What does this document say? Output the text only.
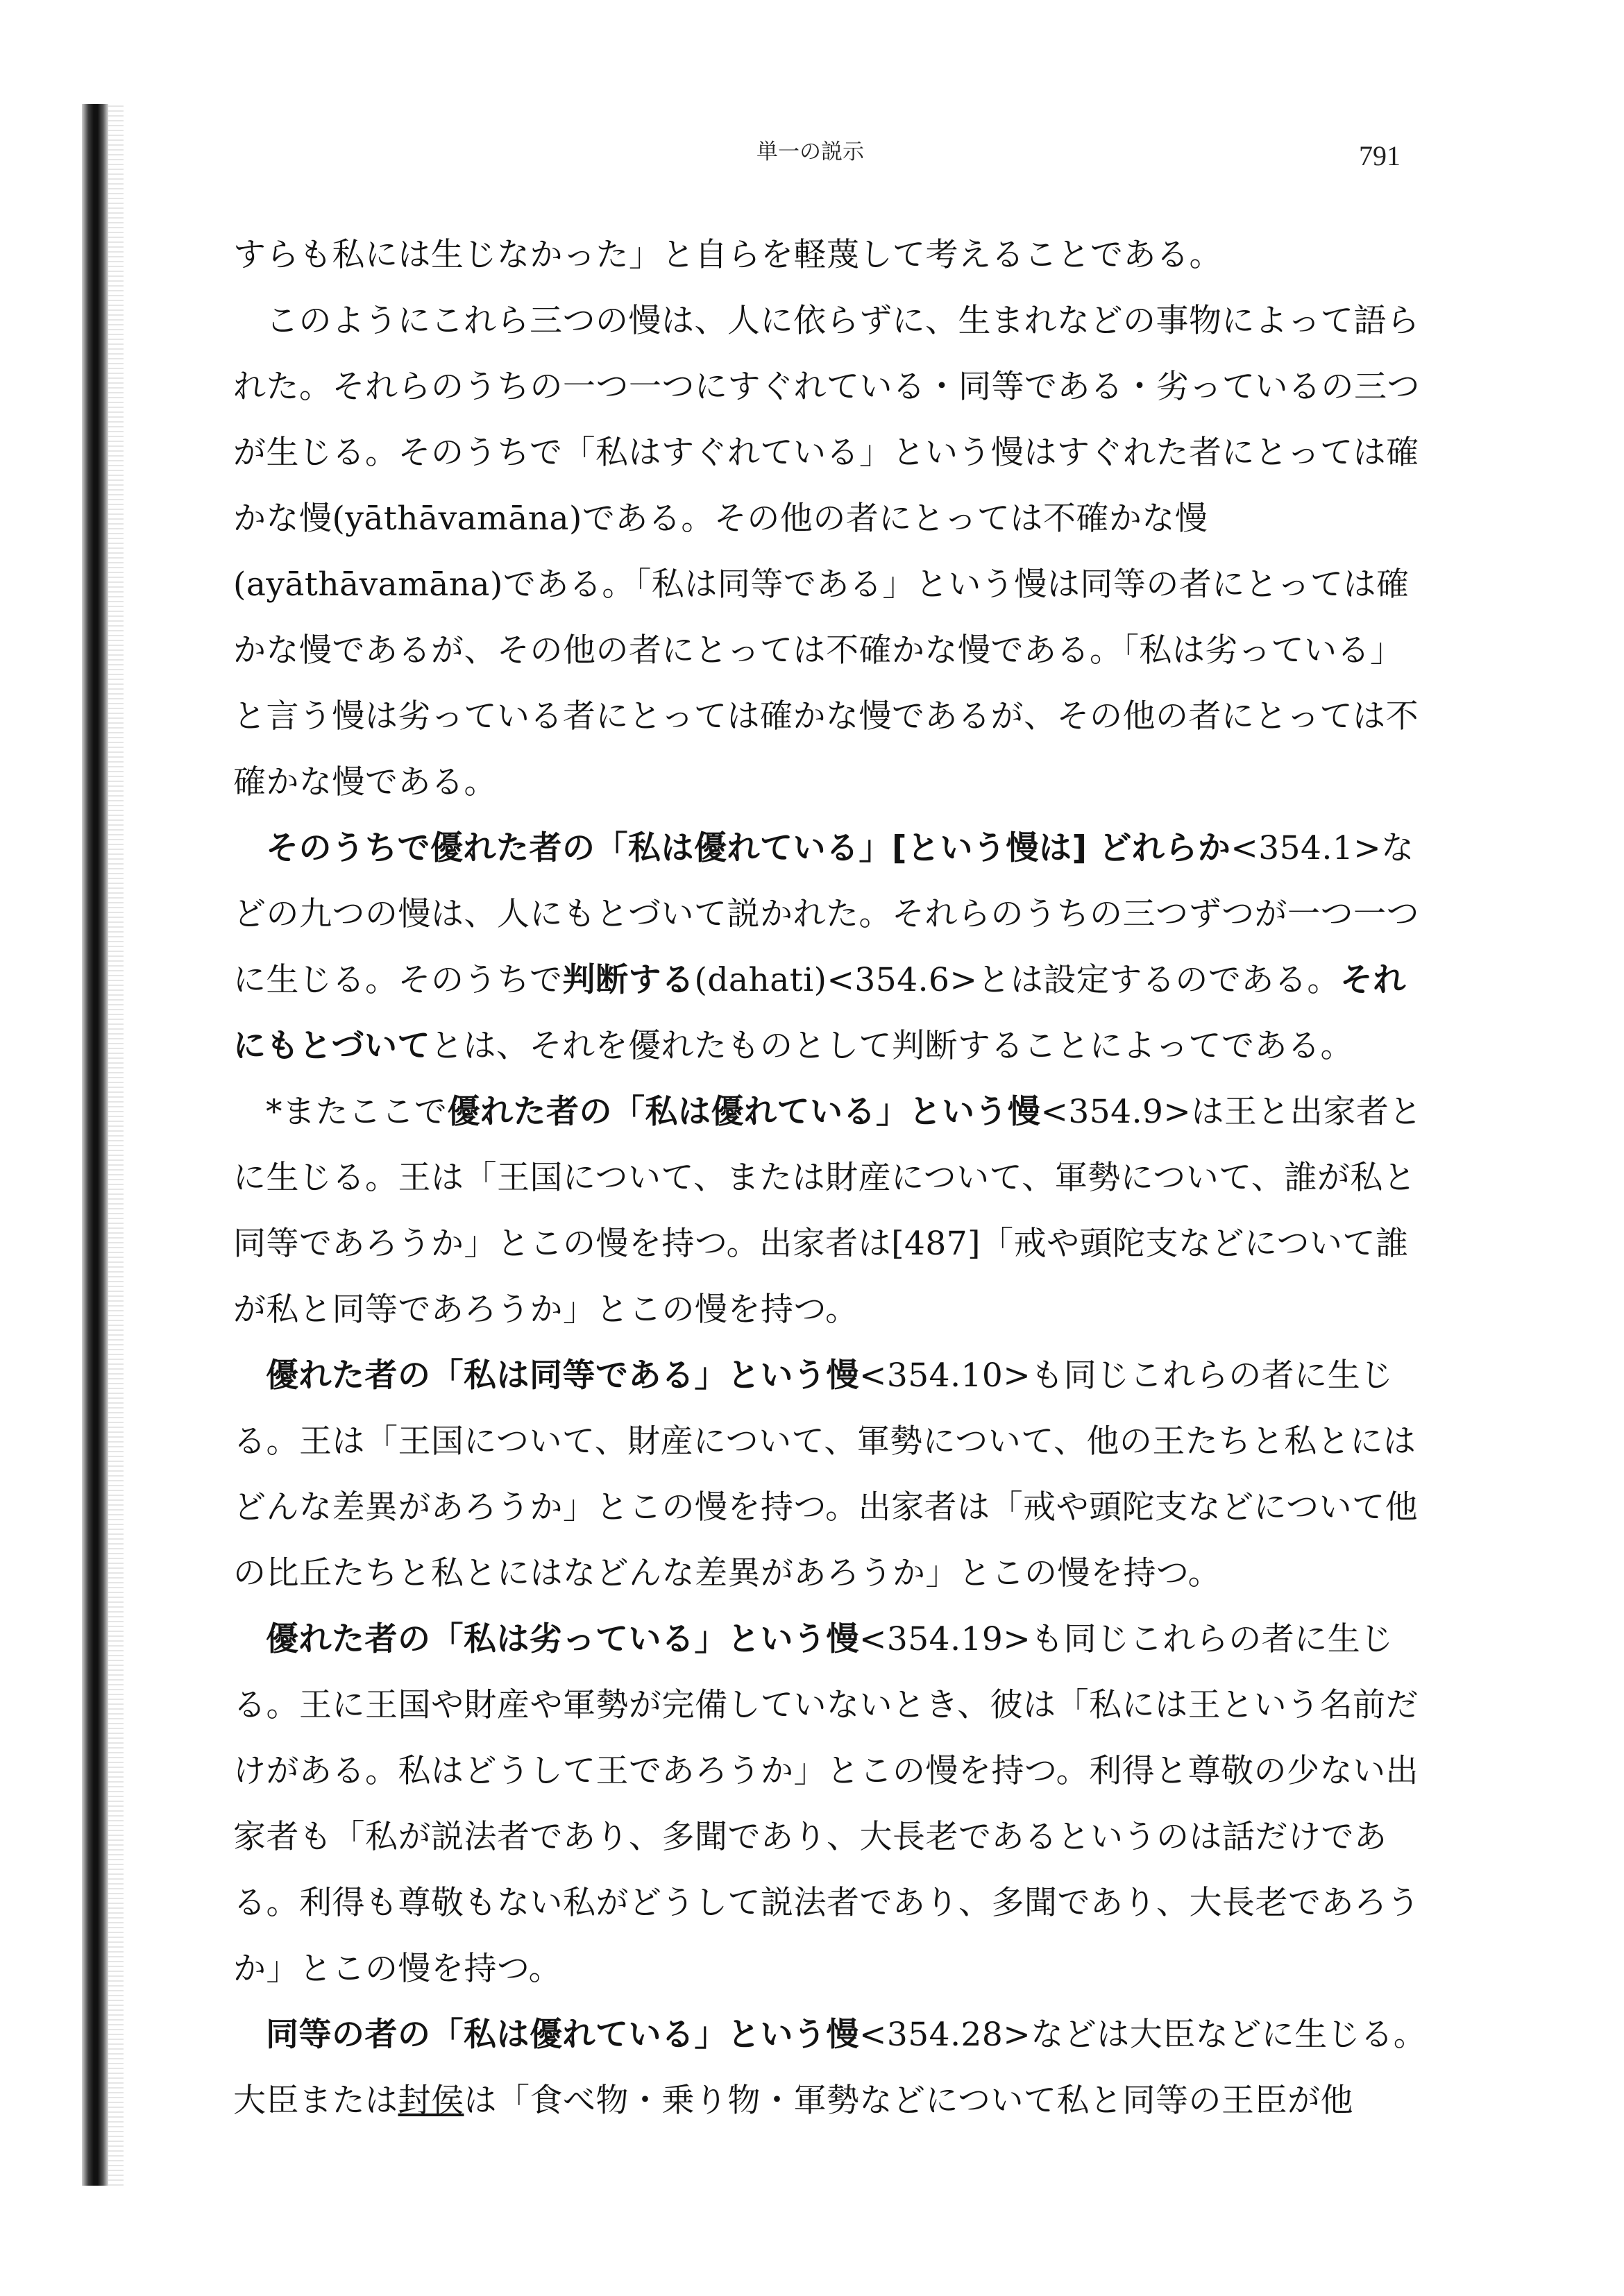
単一の説示	791

すらも私には生じなかった」と自らを軽蔑して考えることである。

このようにこれら三つの慢は、人に依らずに、生まれなどの事物によって語られた。それらのうちの一つ一つにすぐれている・同等である・劣っているの三つが生じる。そのうちで「私はすぐれている」という慢はすぐれた者にとっては確かな慢(yāthāvamāna)である。その他の者にとっては不確かな慢(ayāthāvamāna)である。「私は同等である」という慢は同等の者にとっては確かな慢であるが、その他の者にとっては不確かな慢である。「私は劣っている」と言う慢は劣っている者にとっては確かな慢であるが、その他の者にとっては不確かな慢である。

そのうちで優れた者の「私は優れている」[という慢は] どれらか<354.1>などの九つの慢は、人にもとづいて説かれた。それらのうちの三つずつが一つ一つに生じる。そのうちで判断する(dahati)<354.6>とは設定するのである。それにもとづいてとは、それを優れたものとして判断することによってである。

*またここで優れた者の「私は優れている」という慢<354.9>は王と出家者とに生じる。王は「王国について、または財産について、軍勢について、誰が私と同等であろうか」とこの慢を持つ。出家者は[487]「戒や頭陀支などについて誰が私と同等であろうか」とこの慢を持つ。

優れた者の「私は同等である」という慢<354.10>も同じこれらの者に生じる。王は「王国について、財産について、軍勢について、他の王たちと私とにはどんな差異があろうか」とこの慢を持つ。出家者は「戒や頭陀支などについて他の比丘たちと私とにはなどんな差異があろうか」とこの慢を持つ。

優れた者の「私は劣っている」という慢<354.19>も同じこれらの者に生じる。王に王国や財産や軍勢が完備していないとき、彼は「私には王という名前だけがある。私はどうして王であろうか」とこの慢を持つ。利得と尊敬の少ない出家者も「私が説法者であり、多聞であり、大長老であるというのは話だけである。利得も尊敬もない私がどうして説法者であり、多聞であり、大長老であろうか」とこの慢を持つ。

同等の者の「私は優れている」という慢<354.28>などは大臣などに生じる。大臣または封侯は「食べ物・乗り物・軍勢などについて私と同等の王臣が他
